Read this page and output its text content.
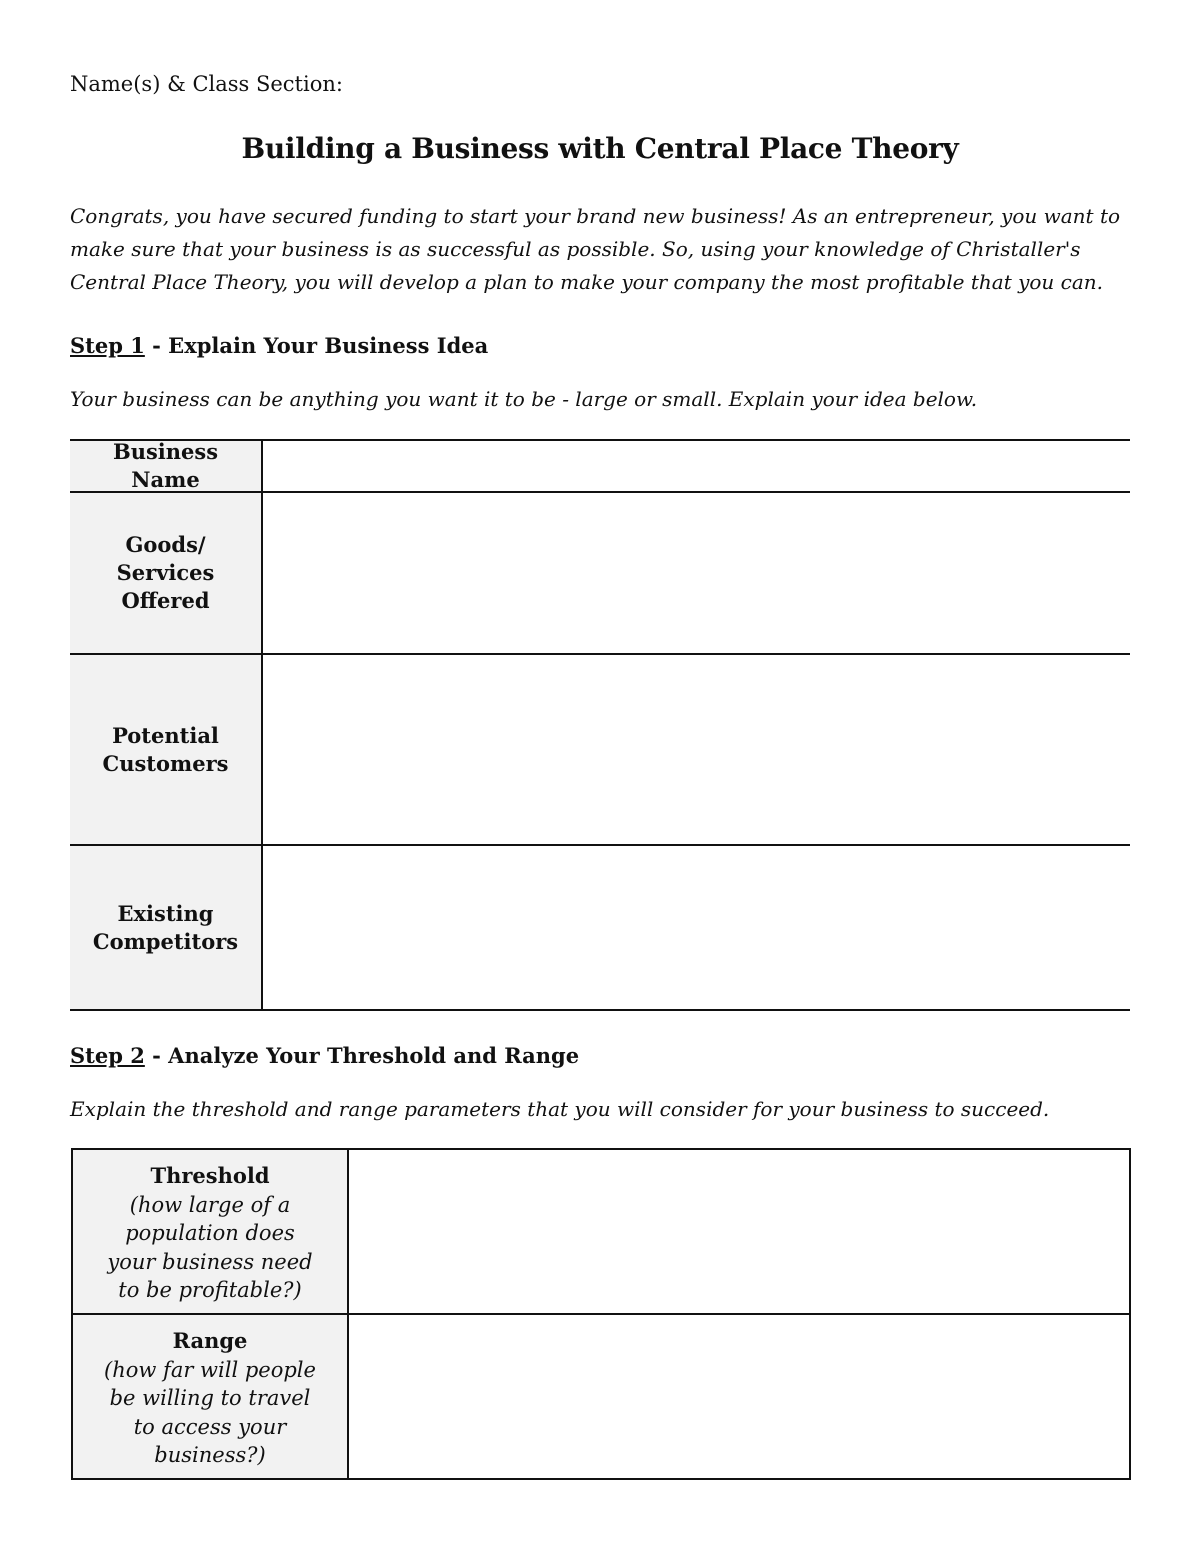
Name(s) & Class Section:
Building a Business with Central Place Theory

Congrats, you have secured funding to start your brand new business! As an entrepreneur, you want to make sure that your business is as successful as possible. So, using your knowledge of Christaller's Central Place Theory, you will develop a plan to make your company the most profitable that you can.

Step 1 - Explain Your Business Idea

Your business can be anything you want it to be - large or small. Explain your idea below.

Business Name
Goods/ Services Offered
Potential Customers
Existing Competitors
Step 2 - Analyze Your Threshold and Range

Explain the threshold and range parameters that you will consider for your business to succeed.

Threshold
(how large of a population does your business need to be profitable?)
Range
(how far will people be willing to travel to access your business?)
